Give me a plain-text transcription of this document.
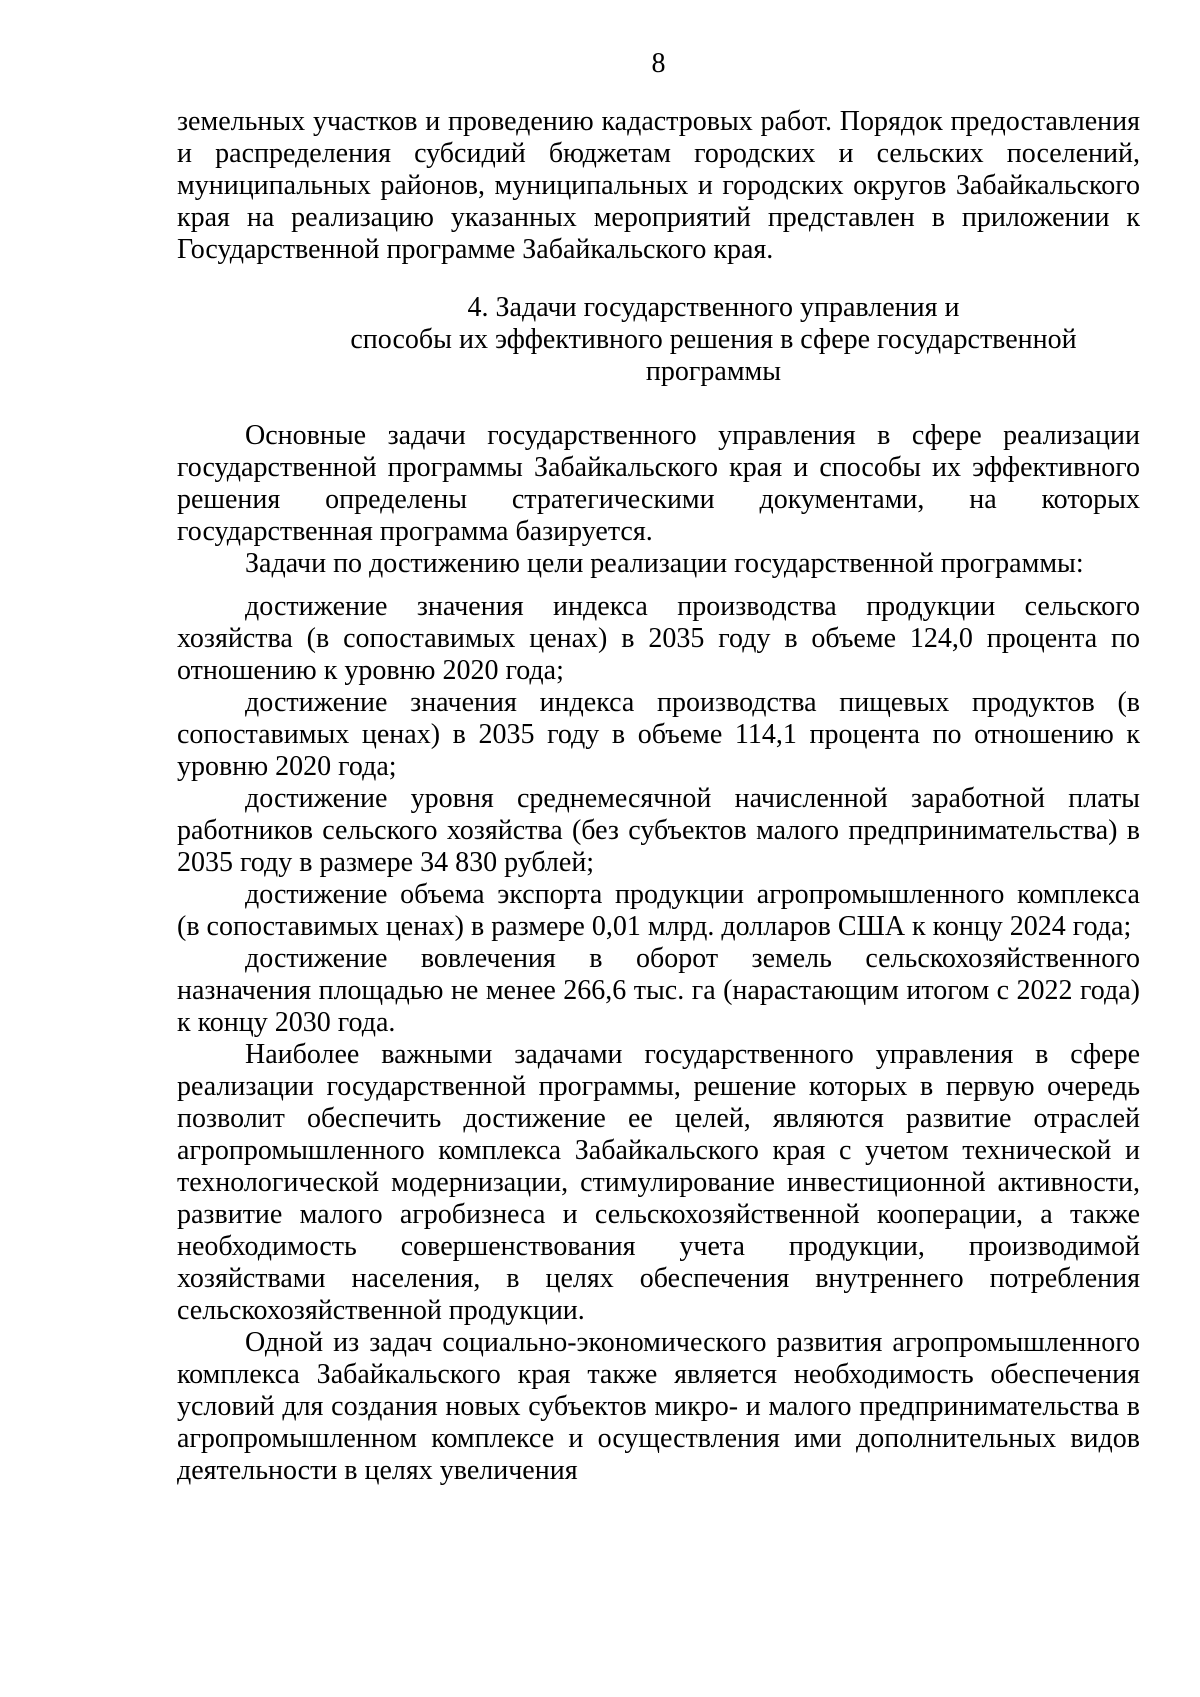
8

земельных участков и проведению кадастровых работ. Порядок предоставления и распределения субсидий бюджетам городских и сельских поселений, муниципальных районов, муниципальных и городских округов Забайкальского края на реализацию указанных мероприятий представлен в приложении к Государственной программе Забайкальского края.

4. Задачи государственного управления и
способы их эффективного решения в сфере государственной
программы

Основные задачи государственного управления в сфере реализации государственной программы Забайкальского края и способы их эффективного решения определены стратегическими документами, на которых государственная программа базируется.

Задачи по достижению цели реализации государственной программы:

достижение значения индекса производства продукции сельского хозяйства (в сопоставимых ценах) в 2035 году в объеме 124,0 процента по отношению к уровню 2020 года;

достижение значения индекса производства пищевых продуктов (в сопоставимых ценах) в 2035 году в объеме 114,1 процента по отношению к уровню 2020 года;

достижение уровня среднемесячной начисленной заработной платы работников сельского хозяйства (без субъектов малого предпринимательства) в 2035 году в размере 34 830 рублей;

достижение объема экспорта продукции агропромышленного комплекса (в сопоставимых ценах) в размере 0,01 млрд. долларов США к концу 2024 года;

достижение вовлечения в оборот земель сельскохозяйственного назначения площадью не менее 266,6 тыс. га (нарастающим итогом с 2022 года) к концу 2030 года.

Наиболее важными задачами государственного управления в сфере реализации государственной программы, решение которых в первую очередь позволит обеспечить достижение ее целей, являются развитие отраслей агропромышленного комплекса Забайкальского края с учетом технической и технологической модернизации, стимулирование инвестиционной активности, развитие малого агробизнеса и сельскохозяйственной кооперации, а также необходимость совершенствования учета продукции, производимой хозяйствами населения, в целях обеспечения внутреннего потребления сельскохозяйственной продукции.

Одной из задач социально-экономического развития агропромышленного комплекса Забайкальского края также является необходимость обеспечения условий для создания новых субъектов микро- и малого предпринимательства в агропромышленном комплексе и осуществления ими дополнительных видов деятельности в целях увеличения
